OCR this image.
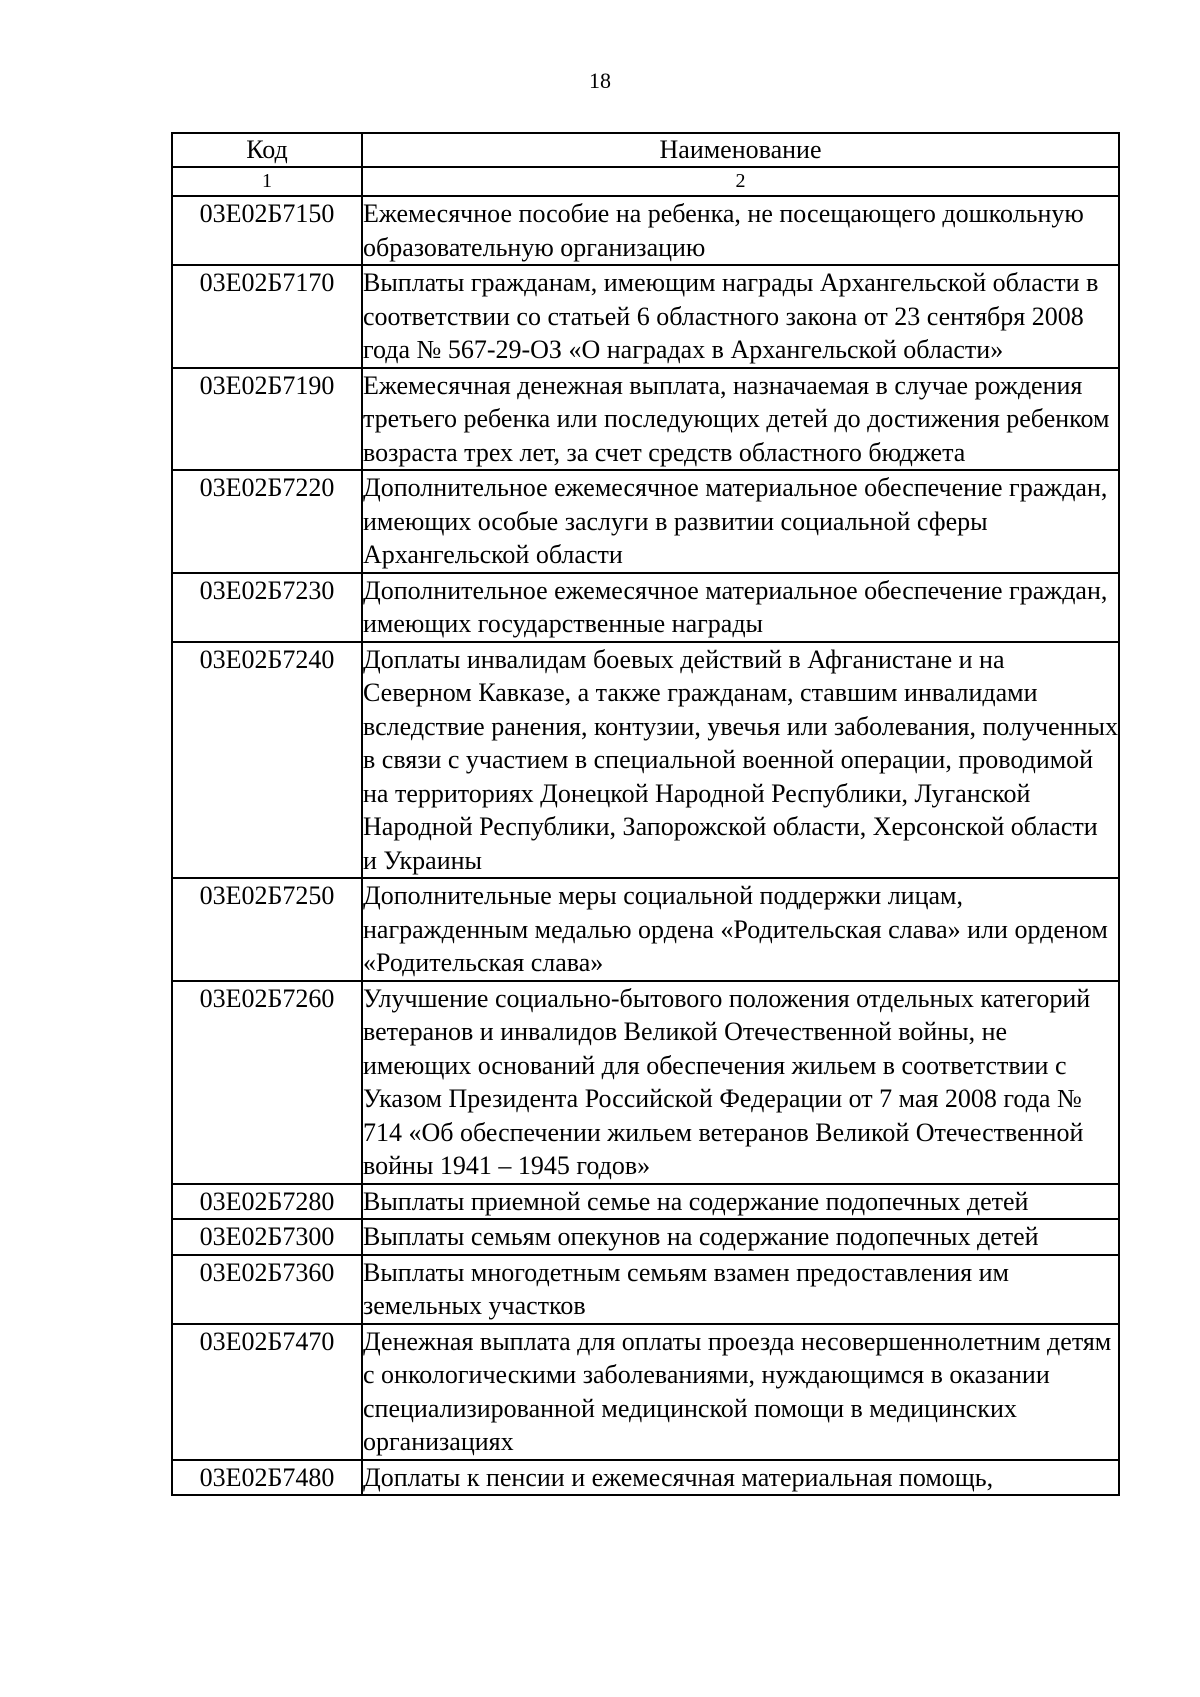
18
Код	Наименование
1	2
03Е02Б7150	Ежемесячное пособие на ребенка, не посещающего дошкольную образовательную организацию
03Е02Б7170	Выплаты гражданам, имеющим награды Архангельской области в соответствии со статьей 6 областного закона от 23 сентября 2008 года № 567-29-ОЗ «О наградах в Архангельской области»
03Е02Б7190	Ежемесячная денежная выплата, назначаемая в случае рождения третьего ребенка или последующих детей до достижения ребенком возраста трех лет, за счет средств областного бюджета
03Е02Б7220	Дополнительное ежемесячное материальное обеспечение граждан, имеющих особые заслуги в развитии социальной сферы Архангельской области
03Е02Б7230	Дополнительное ежемесячное материальное обеспечение граждан, имеющих государственные награды
03Е02Б7240	Доплаты инвалидам боевых действий в Афганистане и на Северном Кавказе, а также гражданам, ставшим инвалидами вследствие ранения, контузии, увечья или заболевания, полученных в связи с участием в специальной военной операции, проводимой на территориях Донецкой Народной Республики, Луганской Народной Республики, Запорожской области, Херсонской области и Украины
03Е02Б7250	Дополнительные меры социальной поддержки лицам, награжденным медалью ордена «Родительская слава» или орденом «Родительская слава»
03Е02Б7260	Улучшение социально-бытового положения отдельных категорий ветеранов и инвалидов Великой Отечественной войны, не имеющих оснований для обеспечения жильем в соответствии с Указом Президента Российской Федерации от 7 мая 2008 года № 714 «Об обеспечении жильем ветеранов Великой Отечественной войны 1941 – 1945 годов»
03Е02Б7280	Выплаты приемной семье на содержание подопечных детей
03Е02Б7300	Выплаты семьям опекунов на содержание подопечных детей
03Е02Б7360	Выплаты многодетным семьям взамен предоставления им земельных участков
03Е02Б7470	Денежная выплата для оплаты проезда несовершеннолетним детям с онкологическими заболеваниями, нуждающимся в оказании специализированной медицинской помощи в медицинских организациях
03Е02Б7480	Доплаты к пенсии и ежемесячная материальная помощь,
